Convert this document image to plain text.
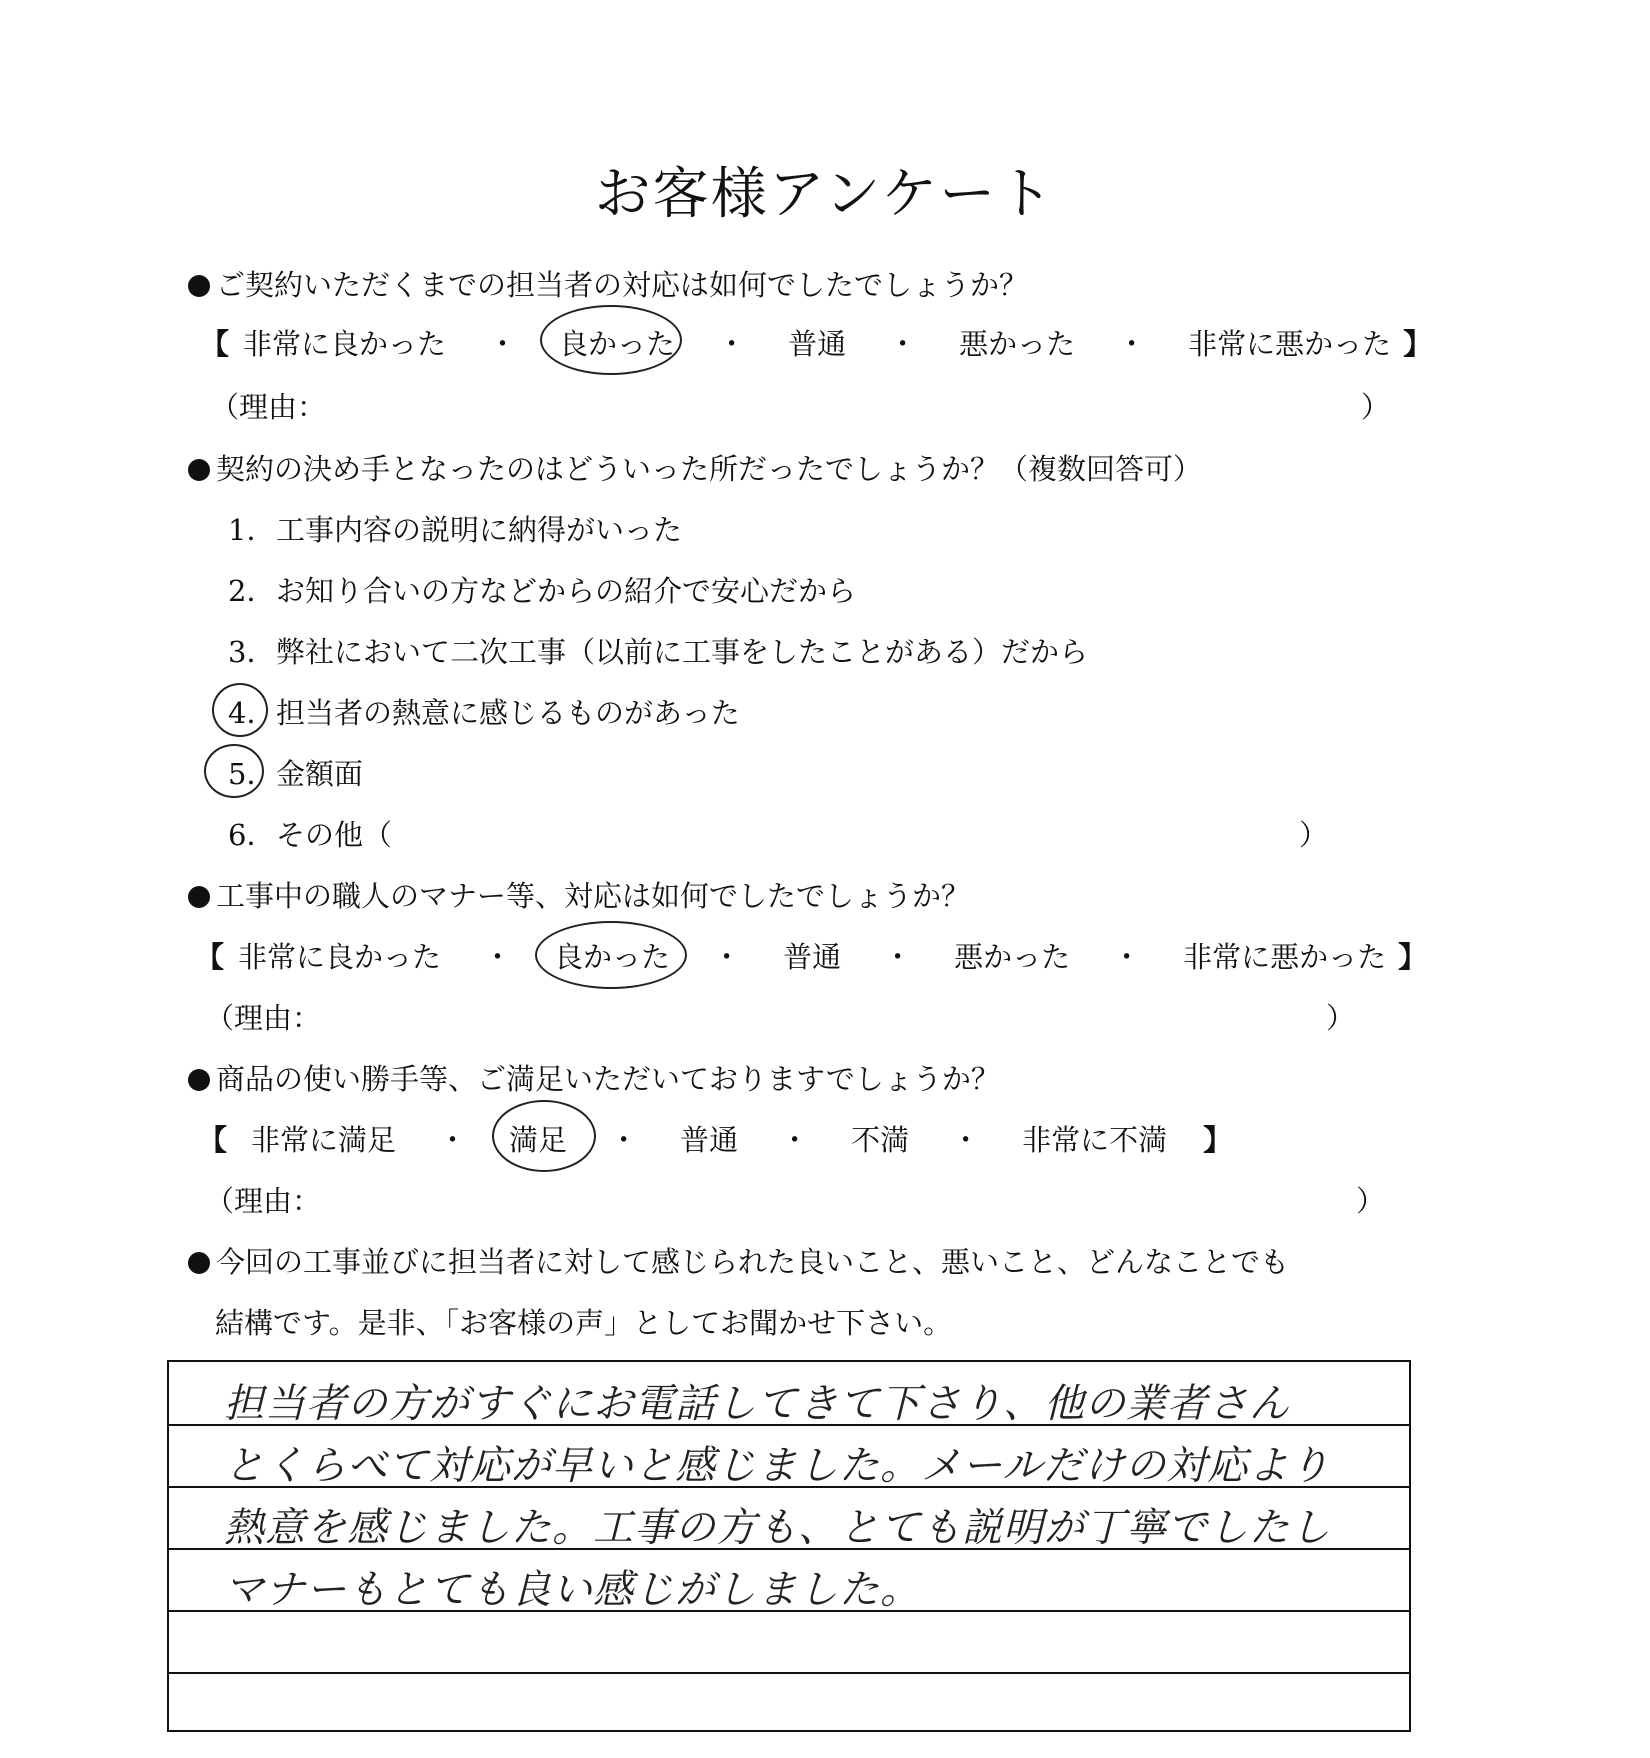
お客様アンケート
ご契約いただくまでの担当者の対応は如何でしたでしょうか？
【 非常に良かった ・ 良かった ・ 普通 ・ 悪かった ・ 非常に悪かった 】
（理由：	）
契約の決め手となったのはどういった所だったでしょうか？（複数回答可）
1．工事内容の説明に納得がいった
2．お知り合いの方などからの紹介で安心だから
3．弊社において二次工事（以前に工事をしたことがある）だから
4．担当者の熱意に感じるものがあった
5．金額面
6．その他（	）
工事中の職人のマナー等、対応は如何でしたでしょうか？
【 非常に良かった ・ 良かった ・ 普通 ・ 悪かった ・ 非常に悪かった 】
（理由：	）
商品の使い勝手等、ご満足いただいておりますでしょうか？
【 非常に満足 ・ 満足 ・ 普通 ・ 不満 ・ 非常に不満 】
（理由：	）
今回の工事並びに担当者に対して感じられた良いこと、悪いこと、どんなことでも
結構です。是非、「お客様の声」としてお聞かせ下さい。
担当者の方がすぐにお電話してきて下さり、他の業者さん
とくらべて対応が早いと感じました。メールだけの対応より
熱意を感じました。工事の方も、とても説明が丁寧でしたし
マナーもとても良い感じがしました。
